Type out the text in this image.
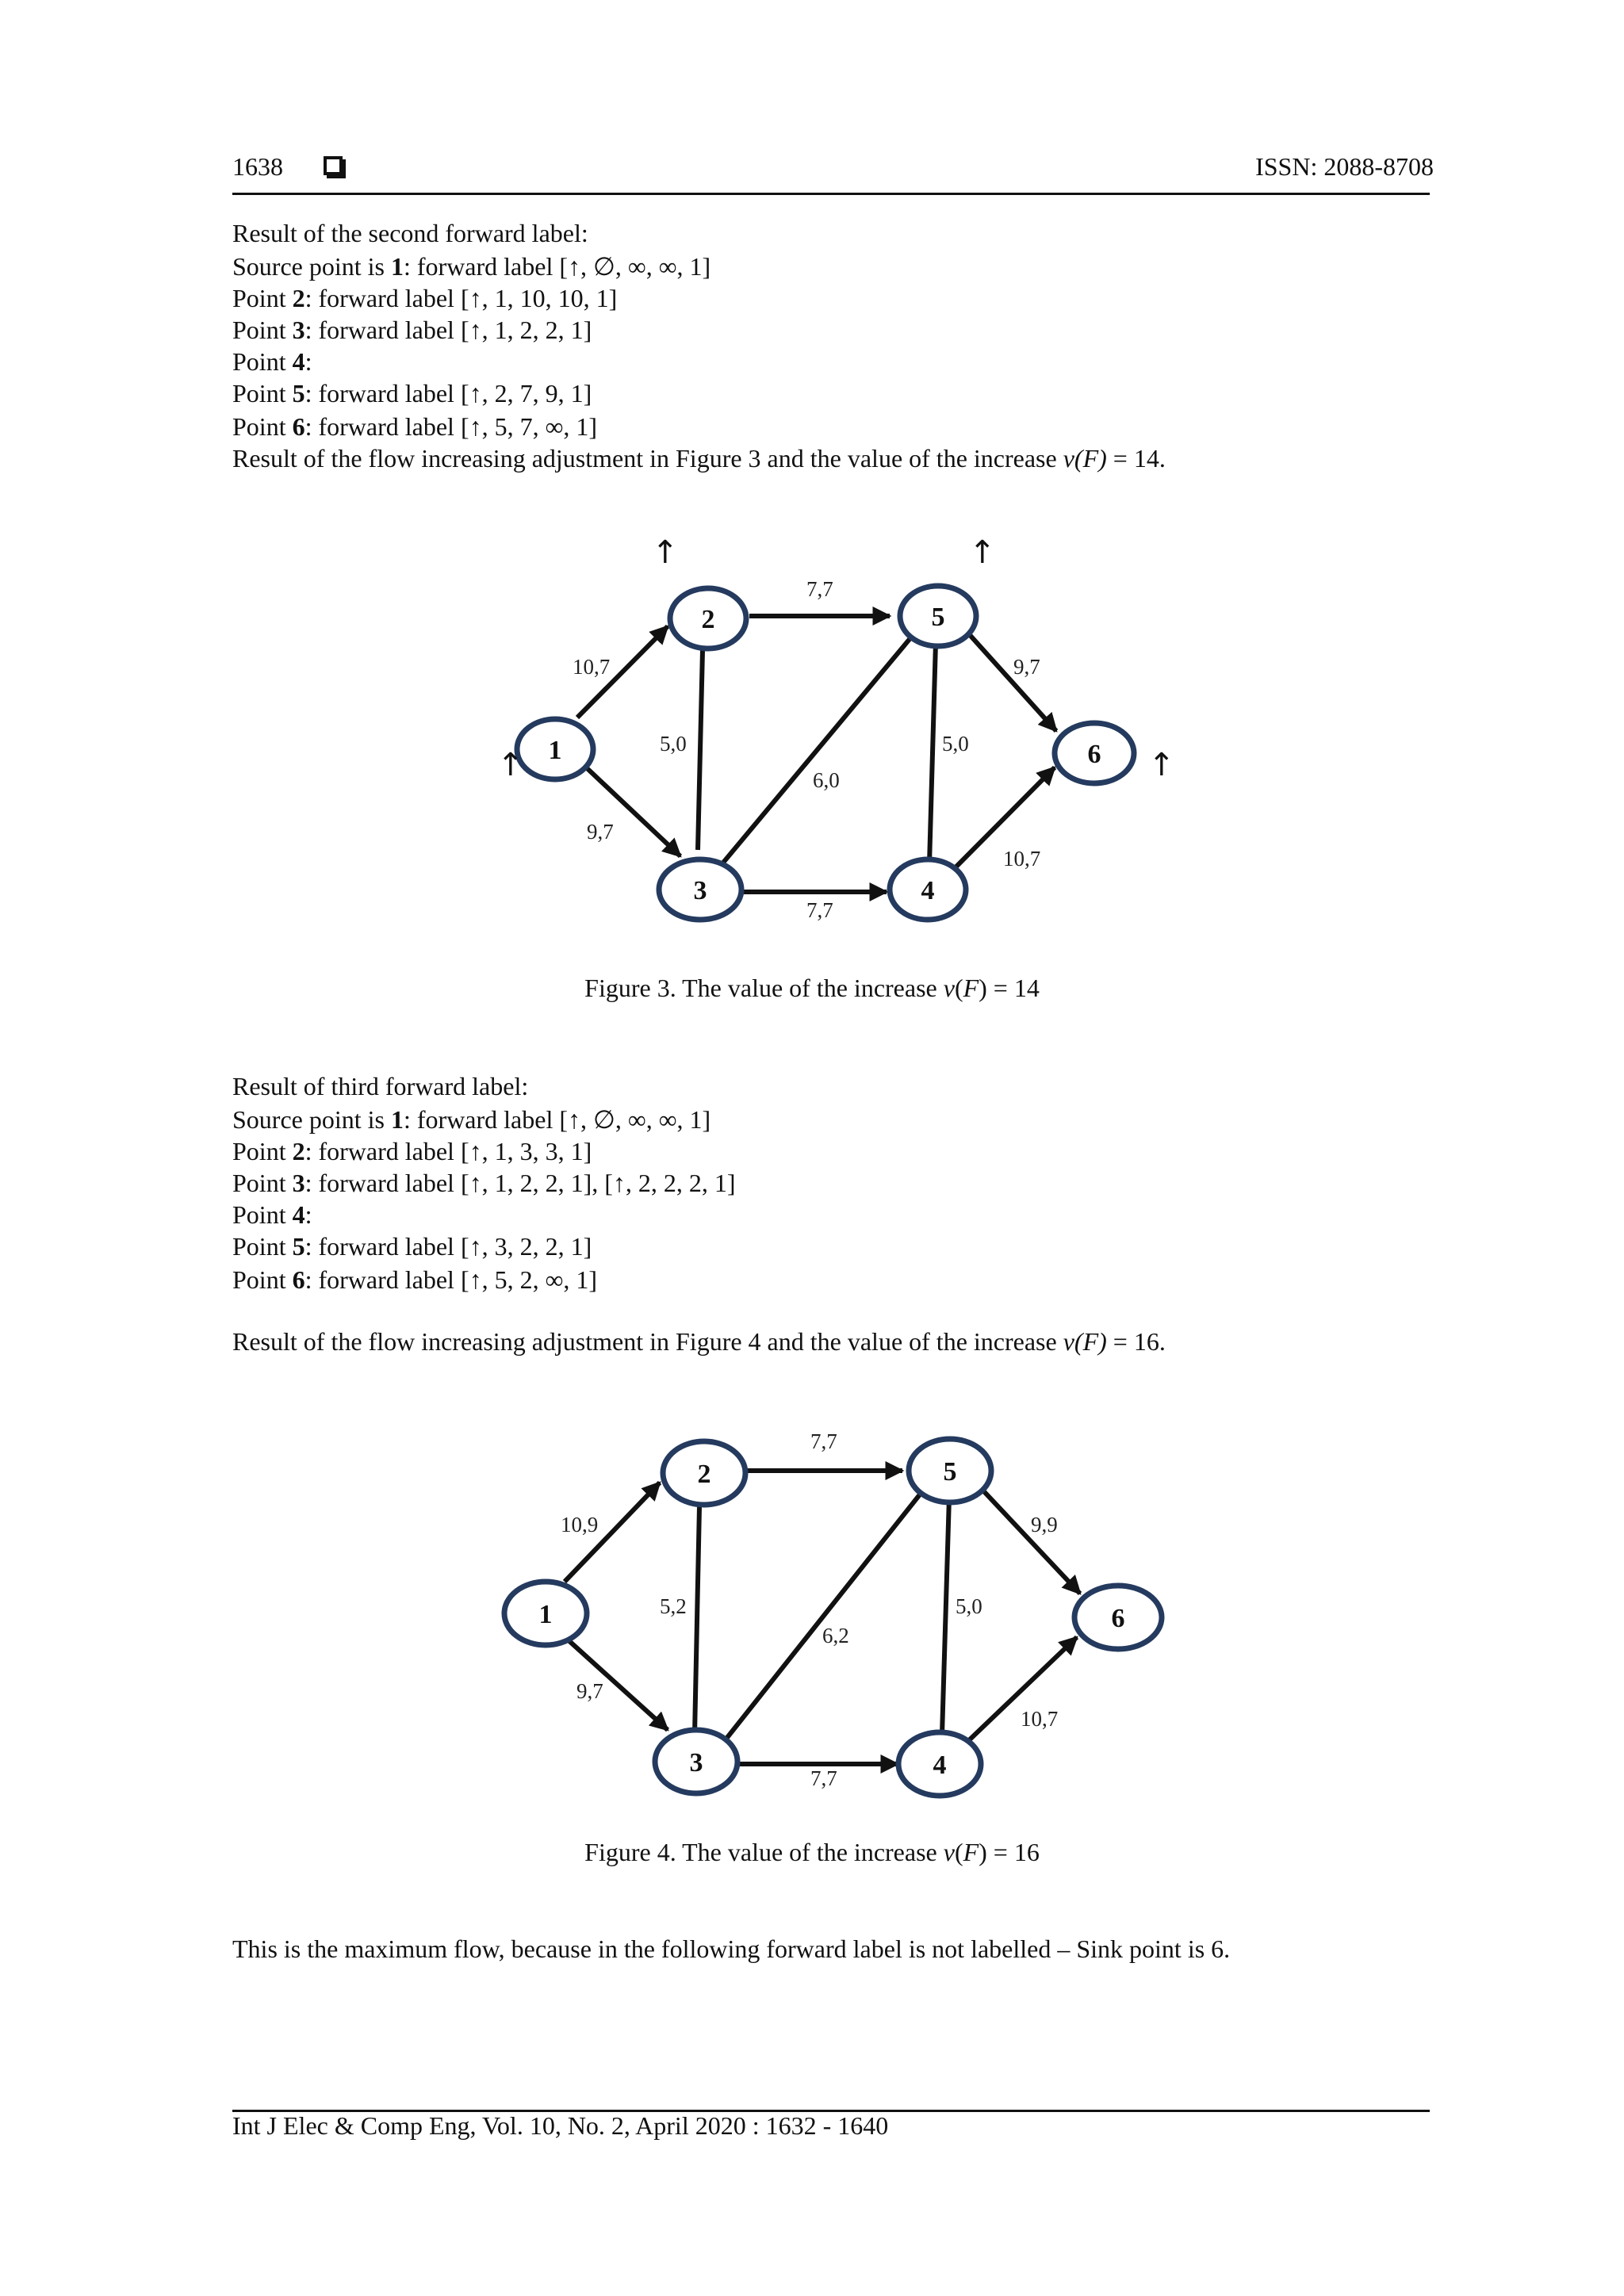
1638	ISSN: 2088-8708
Result of the second forward label:
Source point is 1: forward label [↑, ∅, ∞, ∞, 1]
Point 2: forward label [↑, 1, 10, 10, 1]
Point 3: forward label [↑, 1, 2, 2, 1]
Point 4:
Point 5: forward label [↑, 2, 7, 9, 1]
Point 6: forward label [↑, 5, 7, ∞, 1]
Result of the flow increasing adjustment in Figure 3 and the value of the increase v(F) = 14.
10,7
9,7
5,0
7,7
6,0
7,7
5,0
9,7
10,7
1
2
3	4
5
6
↑	↑
↑	↑
Figure 3. The value of the increase v(F) = 14
Result of third forward label:
Source point is 1: forward label [↑, ∅, ∞, ∞, 1]
Point 2: forward label [↑, 1, 3, 3, 1]
Point 3: forward label [↑, 1, 2, 2, 1], [↑, 2, 2, 2, 1]
Point 4:
Point 5: forward label [↑, 3, 2, 2, 1]
Point 6: forward label [↑, 5, 2, ∞, 1]
Result of the flow increasing adjustment in Figure 4 and the value of the increase v(F) = 16.
10,9
9,7
5,2
7,7
6,2
7,7
5,0
9,9
10,7
1
2
3	4
5
6
Figure 4. The value of the increase v(F) = 16
This is the maximum flow, because in the following forward label is not labelled – Sink point is 6.
Int J Elec & Comp Eng, Vol. 10, No. 2, April 2020 : 1632 - 1640
